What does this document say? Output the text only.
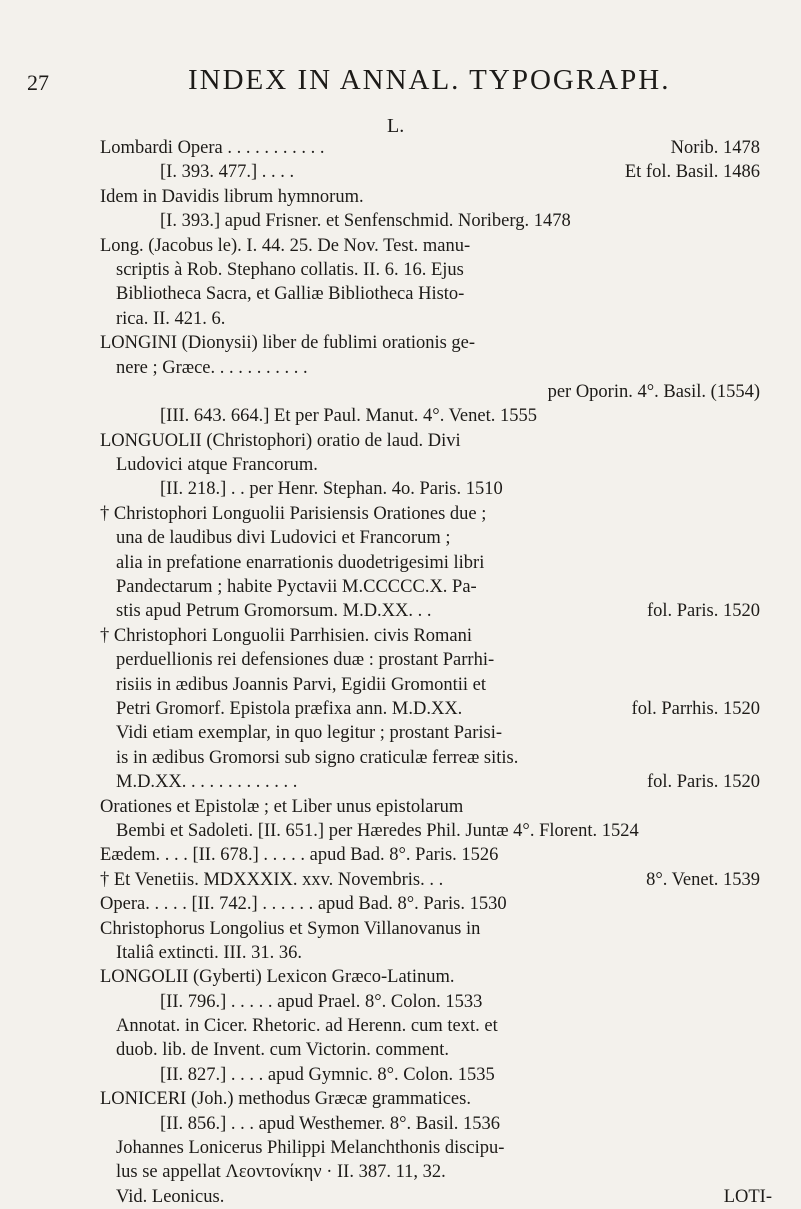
27	INDEX IN ANNAL. TYPOGRAPH.
L.
Lombardi Opera . . . . . . . . . . .	Norib. 1478
[I. 393. 477.] . . . .	Et fol. Basil. 1486
Idem in Davidis librum hymnorum.
[I. 393.] apud Frisner. et Senfenschmid. Noriberg. 1478
Long. (Jacobus le). I. 44. 25. De Nov. Test. manu-
scriptis à Rob. Stephano collatis. II. 6. 16. Ejus
Bibliotheca Sacra, et Galliæ Bibliotheca Histo-
rica. II. 421. 6.
LONGINI (Dionysii) liber de fublimi orationis ge-
nere ; Græce. . . . . . . . . . .
per Oporin. 4°. Basil. (1554)
[III. 643. 664.] Et per Paul. Manut. 4°. Venet. 1555
LONGUOLII (Christophori) oratio de laud. Divi
Ludovici atque Francorum.
[II. 218.] . . per Henr. Stephan. 4o. Paris. 1510
† Christophori Longuolii Parisiensis Orationes due ;
una de laudibus divi Ludovici et Francorum ;
alia in prefatione enarrationis duodetrigesimi libri
Pandectarum ; habite Pyctavii M.CCCCC.X. Pa-
stis apud Petrum Gromorsum. M.D.XX. . .	fol. Paris. 1520
† Christophori Longuolii Parrhisien. civis Romani
perduellionis rei defensiones duæ : prostant Parrhi-
risiis in ædibus Joannis Parvi, Egidii Gromontii et
Petri Gromorf. Epistola præfixa ann. M.D.XX.	fol. Parrhis. 1520
Vidi etiam exemplar, in quo legitur ; prostant Parisi-
is in ædibus Gromorsi sub signo craticulæ ferreæ sitis.
M.D.XX. . . . . . . . . . . . .	fol. Paris. 1520
Orationes et Epistolæ ; et Liber unus epistolarum
Bembi et Sadoleti. [II. 651.] per Hæredes Phil. Juntæ 4°. Florent. 1524
Eædem. . . . [II. 678.] . . . . . apud Bad. 8°. Paris. 1526
† Et Venetiis. MDXXXIX. xxv. Novembris. . .	8°. Venet. 1539
Opera. . . . . [II. 742.] . . . . . . apud Bad. 8°. Paris. 1530
Christophorus Longolius et Symon Villanovanus in
Italiâ extincti. III. 31. 36.
LONGOLII (Gyberti) Lexicon Græco-Latinum.
[II. 796.] . . . . . apud Prael. 8°. Colon. 1533
Annotat. in Cicer. Rhetoric. ad Herenn. cum text. et
duob. lib. de Invent. cum Victorin. comment.
[II. 827.] . . . . apud Gymnic. 8°. Colon. 1535
LONICERI (Joh.) methodus Græcæ grammatices.
[II. 856.] . . . apud Westhemer. 8°. Basil. 1536
Johannes Lonicerus Philippi Melanchthonis discipu-
lus se appellat Λεοντονίκην · II. 387. 11, 32.
Vid. Leonicus.	LOTI-
